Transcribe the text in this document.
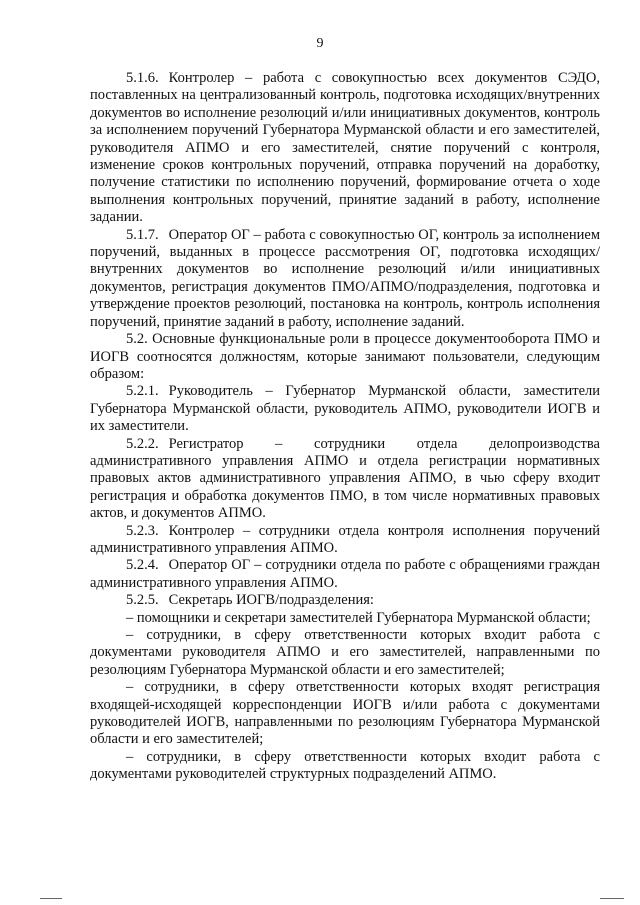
9

5.1.6. Контролер – работа с совокупностью всех документов СЭДО, поставленных на централизованный контроль, подготовка исходящих/внутренних документов во исполнение резолюций и/или инициативных документов, контроль за исполнением поручений Губернатора Мурманской области и его заместителей, руководителя АПМО и его заместителей, снятие поручений с контроля, изменение сроков контрольных поручений, отправка поручений на доработку, получение статистики по исполнению поручений, формирование отчета о ходе выполнения контрольных поручений, принятие заданий в работу, исполнение задании.

5.1.7. Оператор ОГ – работа с совокупностью ОГ, контроль за исполнением поручений, выданных в процессе рассмотрения ОГ, подготовка исходящих/внутренних документов во исполнение резолюций и/или инициативных документов, регистрация документов ПМО/АПМО/подразделения, подготовка и утверждение проектов резолюций, постановка на контроль, контроль исполнения поручений, принятие заданий в работу, исполнение заданий.

5.2. Основные функциональные роли в процессе документооборота ПМО и ИОГВ соотносятся должностям, которые занимают пользователи, следующим образом:

5.2.1. Руководитель – Губернатор Мурманской области, заместители Губернатора Мурманской области, руководитель АПМО, руководители ИОГВ и их заместители.

5.2.2. Регистратор – сотрудники отдела делопроизводства административного управления АПМО и отдела регистрации нормативных правовых актов административного управления АПМО, в чью сферу входит регистрация и обработка документов ПМО, в том числе нормативных правовых актов, и документов АПМО.

5.2.3. Контролер – сотрудники отдела контроля исполнения поручений административного управления АПМО.

5.2.4. Оператор ОГ – сотрудники отдела по работе с обращениями граждан административного управления АПМО.

5.2.5. Секретарь ИОГВ/подразделения:

– помощники и секретари заместителей Губернатора Мурманской области;

– сотрудники, в сферу ответственности которых входит работа с документами руководителя АПМО и его заместителей, направленными по резолюциям Губернатора Мурманской области и его заместителей;

– сотрудники, в сферу ответственности которых входят регистрация входящей-исходящей корреспонденции ИОГВ и/или работа с документами руководителей ИОГВ, направленными по резолюциям Губернатора Мурманской области и его заместителей;

– сотрудники, в сферу ответственности которых входит работа с документами руководителей структурных подразделений АПМО.
